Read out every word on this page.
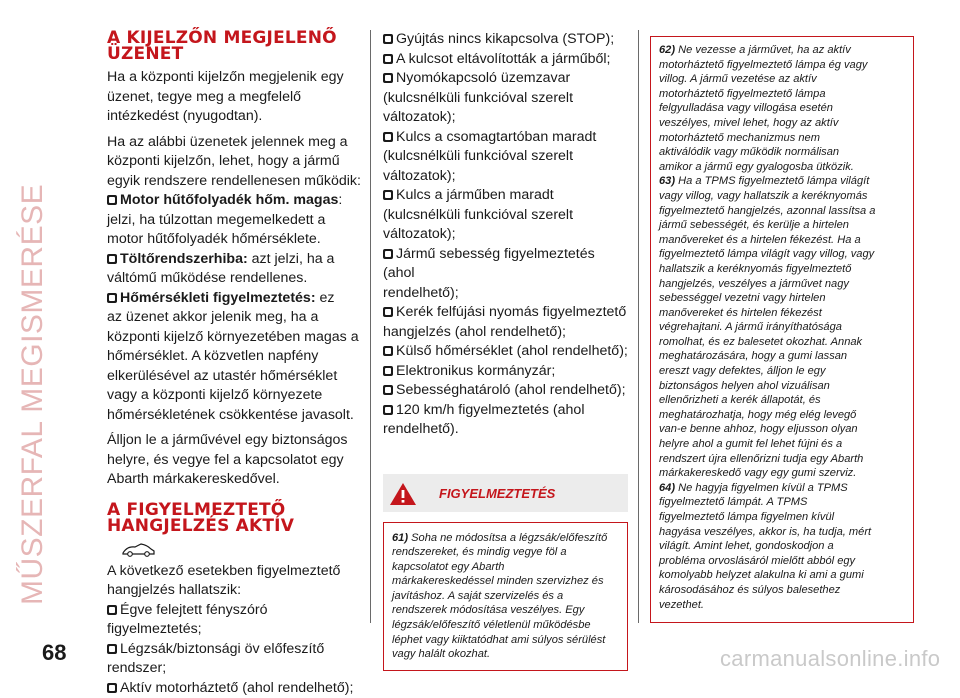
MŰSZERFAL MEGISMERÉSE
68	carmanualsonline.info
A KIJELZŐN MEGJELENŐ
ÜZENET
Ha a központi kijelzőn megjelenik egy
üzenet, tegye meg a megfelelő
intézkedést (nyugodtan).
Ha az alábbi üzenetek jelennek meg a
központi kijelzőn, lehet, hogy a jármű
egyik rendszere rendellenesen működik:
Motor hűtőfolyadék hőm. magas:
jelzi, ha túlzottan megemelkedett a
motor hűtőfolyadék hőmérséklete.
Töltőrendszerhiba: azt jelzi, ha a
váltómű működése rendellenes.
Hőmérsékleti figyelmeztetés: ez
az üzenet akkor jelenik meg, ha a
központi kijelző környezetében magas a
hőmérséklet. A közvetlen napfény
elkerülésével az utastér hőmérséklet
vagy a központi kijelző környezete
hőmérsékletének csökkentése javasolt.
Álljon le a járművével egy biztonságos
helyre, és vegye fel a kapcsolatot egy
Abarth márkakereskedővel.
A FIGYELMEZTETŐ
HANGJELZÉS AKTÍV
A következő esetekben figyelmeztető
hangjelzés hallatszik:
Égve felejtett fényszóró
figyelmeztetés;
Légzsák/biztonsági öv előfeszítő
rendszer;
Aktív motorháztető (ahol rendelhető);
Gyújtás nincs kikapcsolva (STOP);
A kulcsot eltávolították a járműből;
Nyomókapcsoló üzemzavar
(kulcsnélküli funkcióval szerelt
változatok);
Kulcs a csomagtartóban maradt
(kulcsnélküli funkcióval szerelt
változatok);
Kulcs a járműben maradt
(kulcsnélküli funkcióval szerelt
változatok);
Jármű sebesség figyelmeztetés (ahol
rendelhető);
Kerék felfújási nyomás figyelmeztető
hangjelzés (ahol rendelhető);
Külső hőmérséklet (ahol rendelhető);
Elektronikus kormányzár;
Sebességhatároló (ahol rendelhető);
120 km/h figyelmeztetés (ahol
rendelhető).
FIGYELMEZTETÉS
61) Soha ne módosítsa a légzsák/előfeszítő
rendszereket, és mindig vegye föl a
kapcsolatot egy Abarth
márkakereskedéssel minden szervizhez és
javításhoz. A saját szervizelés és a
rendszerek módosítása veszélyes. Egy
légzsák/előfeszítő véletlenül működésbe
léphet vagy kiiktatódhat ami súlyos sérülést
vagy halált okozhat.
62) Ne vezesse a járművet, ha az aktív
motorháztető figyelmeztető lámpa ég vagy
villog. A jármű vezetése az aktív
motorháztető figyelmeztető lámpa
felgyulladása vagy villogása esetén
veszélyes, mivel lehet, hogy az aktív
motorháztető mechanizmus nem
aktiválódik vagy működik normálisan
amikor a jármű egy gyalogosba ütközik.
63) Ha a TPMS figyelmeztető lámpa világít
vagy villog, vagy hallatszik a keréknyomás
figyelmeztető hangjelzés, azonnal lassítsa a
jármű sebességét, és kerülje a hirtelen
manővereket és a hirtelen fékezést. Ha a
figyelmeztető lámpa világít vagy villog, vagy
hallatszik a keréknyomás figyelmeztető
hangjelzés, veszélyes a járművet nagy
sebességgel vezetni vagy hirtelen
manővereket és hirtelen fékezést
végrehajtani. A jármű irányíthatósága
romolhat, és ez balesetet okozhat. Annak
meghatározására, hogy a gumi lassan
ereszt vagy defektes, álljon le egy
biztonságos helyen ahol vizuálisan
ellenőrizheti a kerék állapotát, és
meghatározhatja, hogy még elég levegő
van-e benne ahhoz, hogy eljusson olyan
helyre ahol a gumit fel lehet fújni és a
rendszert újra ellenőrizni tudja egy Abarth
márkakereskedő vagy egy gumi szerviz.
64) Ne hagyja figyelmen kívül a TPMS
figyelmeztető lámpát. A TPMS
figyelmeztető lámpa figyelmen kívül
hagyása veszélyes, akkor is, ha tudja, mért
világít. Amint lehet, gondoskodjon a
probléma orvoslásáról mielőtt abból egy
komolyabb helyzet alakulna ki ami a gumi
károsodásához és súlyos balesethez
vezethet.
